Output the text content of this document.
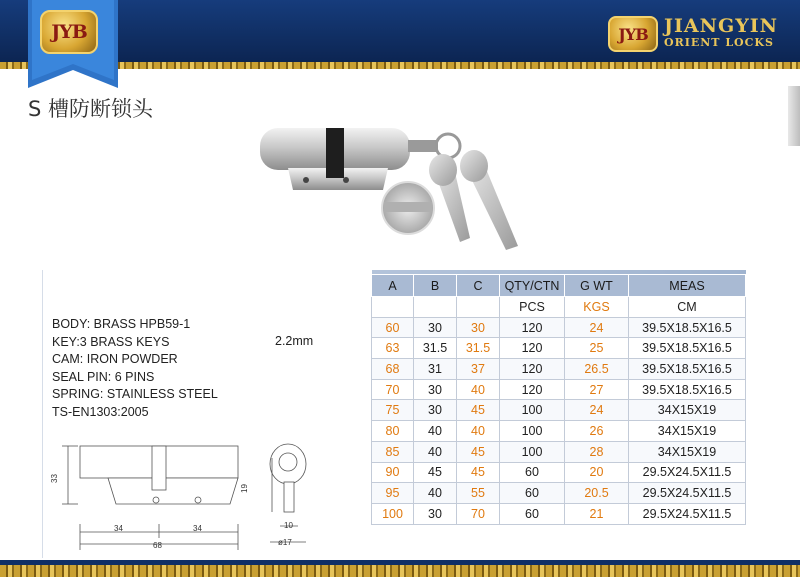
JYB	JYB JIANGYIN
ORIENT LOCKS
S 槽防断锁头
BODY: BRASS HPB59-1
KEY:3 BRASS KEYS
CAM: IRON POWDER
SEAL PIN: 6 PINS
SPRING: STAINLESS STEEL
TS-EN1303:2005
2.2mm
33
34	34
68
19
10
ø17
A	B	C	QTY/CTN	G WT	MEAS
			PCS	KGS	CM
60	30	30	120	24	39.5X18.5X16.5
63	31.5	31.5	120	25	39.5X18.5X16.5
68	31	37	120	26.5	39.5X18.5X16.5
70	30	40	120	27	39.5X18.5X16.5
75	30	45	100	24	34X15X19
80	40	40	100	26	34X15X19
85	40	45	100	28	34X15X19
90	45	45	60	20	29.5X24.5X11.5
95	40	55	60	20.5	29.5X24.5X11.5
100	30	70	60	21	29.5X24.5X11.5
